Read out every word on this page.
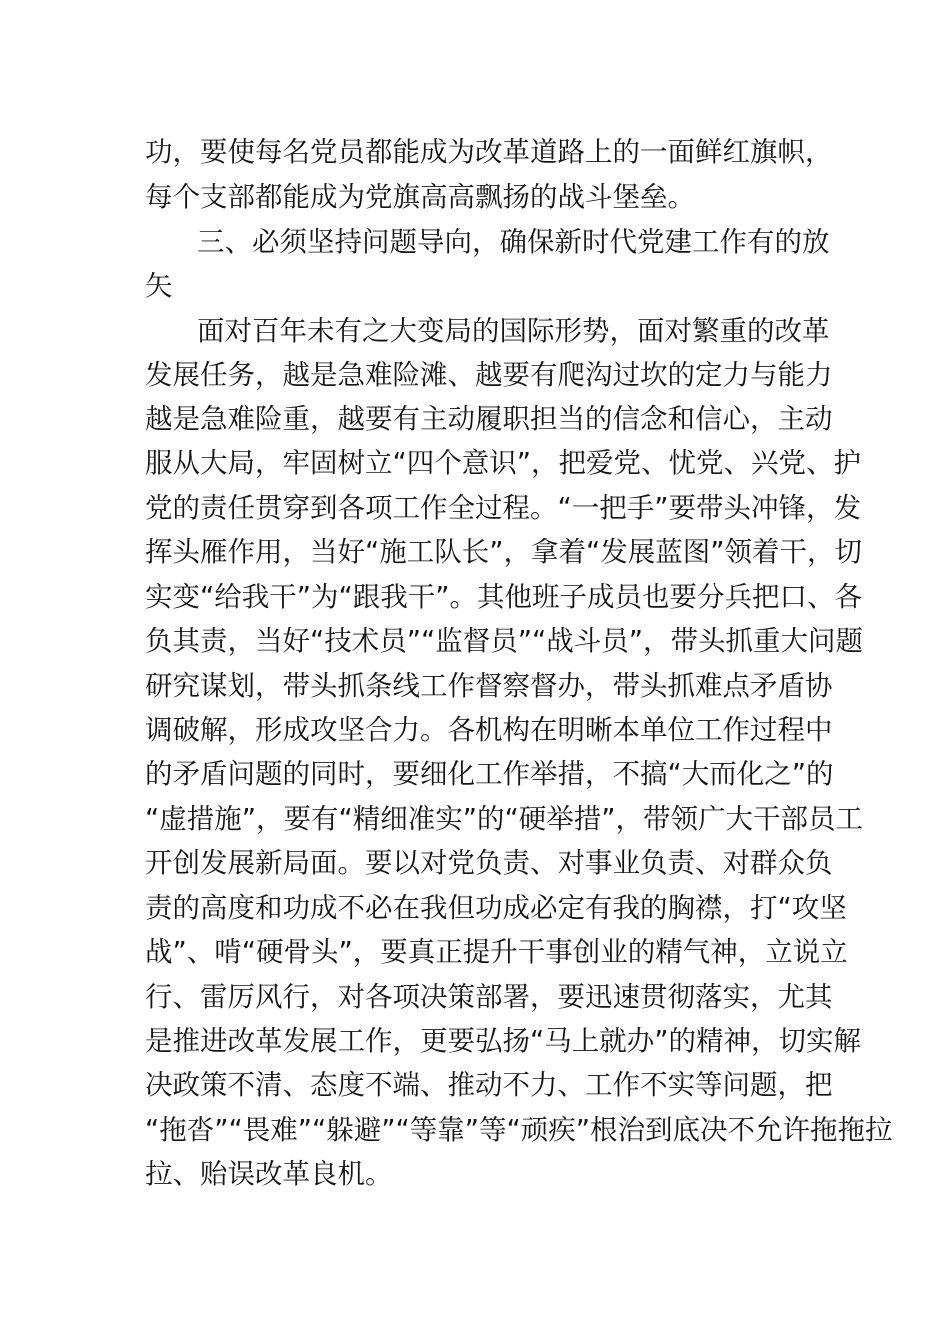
功，要使每名党员都能成为改革道路上的一面鲜红旗帜，
每个支部都能成为党旗高高飘扬的战斗堡垒。
三、必须坚持问题导向，确保新时代党建工作有的放
矢
面对百年未有之大变局的国际形势，面对繁重的改革
发展任务，越是急难险滩、越要有爬沟过坎的定力与能力
越是急难险重，越要有主动履职担当的信念和信心，主动
服从大局，牢固树立“四个意识”，把爱党、忧党、兴党、护
党的责任贯穿到各项工作全过程。“一把手”要带头冲锋，发
挥头雁作用，当好“施工队长”，拿着“发展蓝图”领着干，切
实变“给我干”为“跟我干”。其他班子成员也要分兵把口、各
负其责，当好“技术员”“监督员”“战斗员”，带头抓重大问题
研究谋划，带头抓条线工作督察督办，带头抓难点矛盾协
调破解，形成攻坚合力。各机构在明晰本单位工作过程中
的矛盾问题的同时，要细化工作举措，不搞“大而化之”的
“虚措施”，要有“精细准实”的“硬举措”，带领广大干部员工
开创发展新局面。要以对党负责、对事业负责、对群众负
责的高度和功成不必在我但功成必定有我的胸襟，打“攻坚
战”、啃“硬骨头”，要真正提升干事创业的精气神，立说立
行、雷厉风行，对各项决策部署，要迅速贯彻落实，尤其
是推进改革发展工作，更要弘扬“马上就办”的精神，切实解
决政策不清、态度不端、推动不力、工作不实等问题，把
“拖沓”“畏难”“躲避”“等靠”等“顽疾”根治到底决不允许拖拖拉
拉、贻误改革良机。
